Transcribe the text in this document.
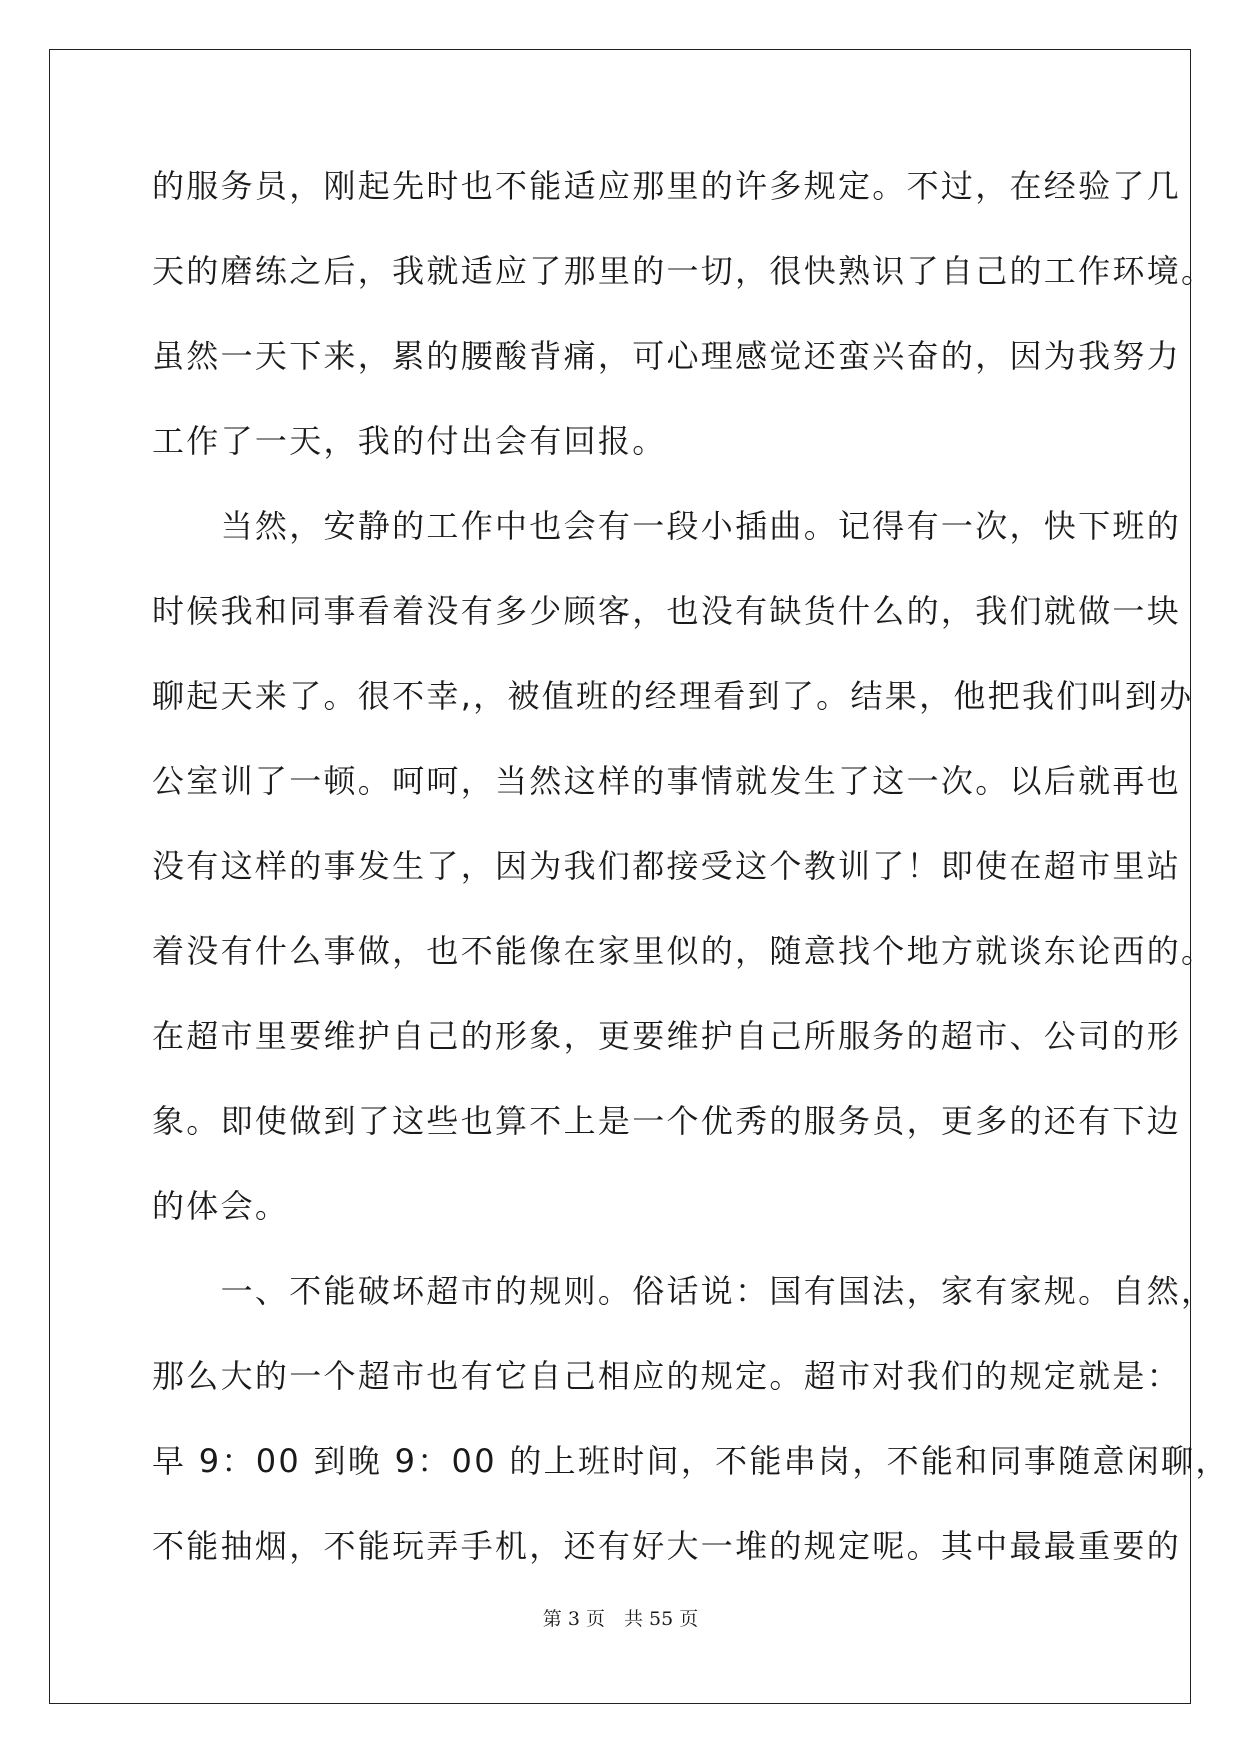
的服务员，刚起先时也不能适应那里的许多规定。不过，在经验了几
天的磨练之后，我就适应了那里的一切，很快熟识了自己的工作环境。
虽然一天下来，累的腰酸背痛，可心理感觉还蛮兴奋的，因为我努力
工作了一天，我的付出会有回报。
　　当然，安静的工作中也会有一段小插曲。记得有一次，快下班的
时候我和同事看着没有多少顾客，也没有缺货什么的，我们就做一块
聊起天来了。很不幸,，被值班的经理看到了。结果，他把我们叫到办
公室训了一顿。呵呵，当然这样的事情就发生了这一次。以后就再也
没有这样的事发生了，因为我们都接受这个教训了！即使在超市里站
着没有什么事做，也不能像在家里似的，随意找个地方就谈东论西的。
在超市里要维护自己的形象，更要维护自己所服务的超市、公司的形
象。即使做到了这些也算不上是一个优秀的服务员，更多的还有下边
的体会。
　　一、不能破坏超市的规则。俗话说：国有国法，家有家规。自然，
那么大的一个超市也有它自己相应的规定。超市对我们的规定就是：
早 9：00 到晚 9：00 的上班时间，不能串岗，不能和同事随意闲聊，
不能抽烟，不能玩弄手机，还有好大一堆的规定呢。其中最最重要的
第 3 页　共 55 页
